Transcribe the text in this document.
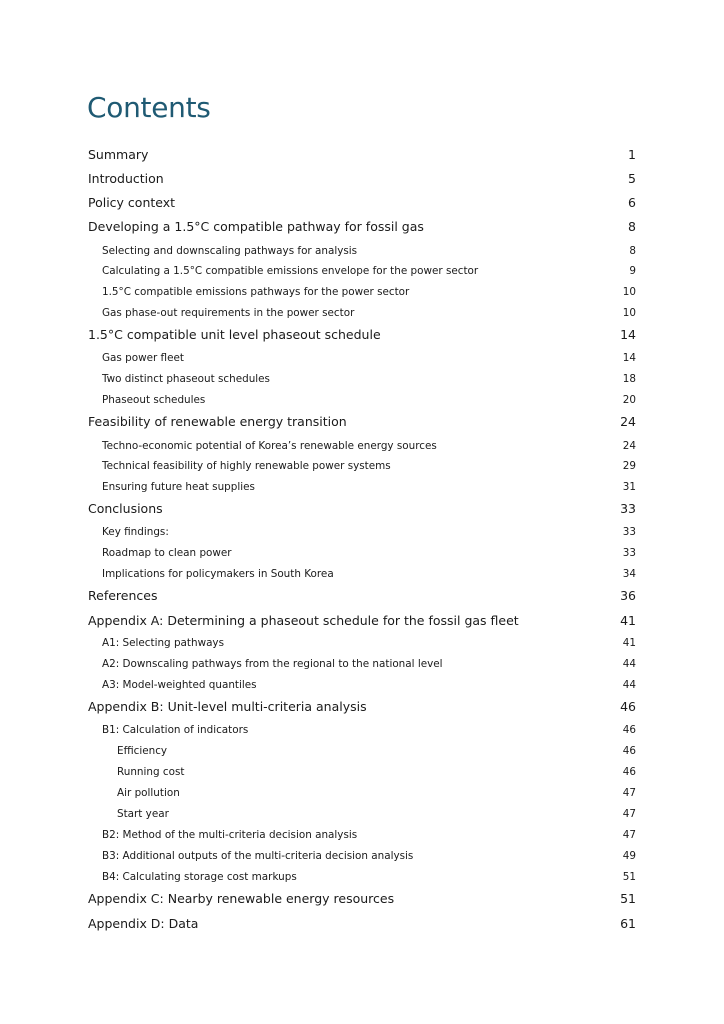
Contents
Summary	1
Introduction	5
Policy context	6
Developing a 1.5°C compatible pathway for fossil gas	8
Selecting and downscaling pathways for analysis	8
Calculating a 1.5°C compatible emissions envelope for the power sector	9
1.5°C compatible emissions pathways for the power sector	10
Gas phase-out requirements in the power sector	10
1.5°C compatible unit level phaseout schedule	14
Gas power fleet	14
Two distinct phaseout schedules	18
Phaseout schedules	20
Feasibility of renewable energy transition	24
Techno-economic potential of Korea’s renewable energy sources	24
Technical feasibility of highly renewable power systems	29
Ensuring future heat supplies	31
Conclusions	33
Key findings:	33
Roadmap to clean power	33
Implications for policymakers in South Korea	34
References	36
Appendix A: Determining a phaseout schedule for the fossil gas fleet	41
A1: Selecting pathways	41
A2: Downscaling pathways from the regional to the national level	44
A3: Model-weighted quantiles	44
Appendix B: Unit-level multi-criteria analysis	46
B1: Calculation of indicators	46
Efficiency	46
Running cost	46
Air pollution	47
Start year	47
B2: Method of the multi-criteria decision analysis	47
B3: Additional outputs of the multi-criteria decision analysis	49
B4: Calculating storage cost markups	51
Appendix C: Nearby renewable energy resources	51
Appendix D: Data	61
